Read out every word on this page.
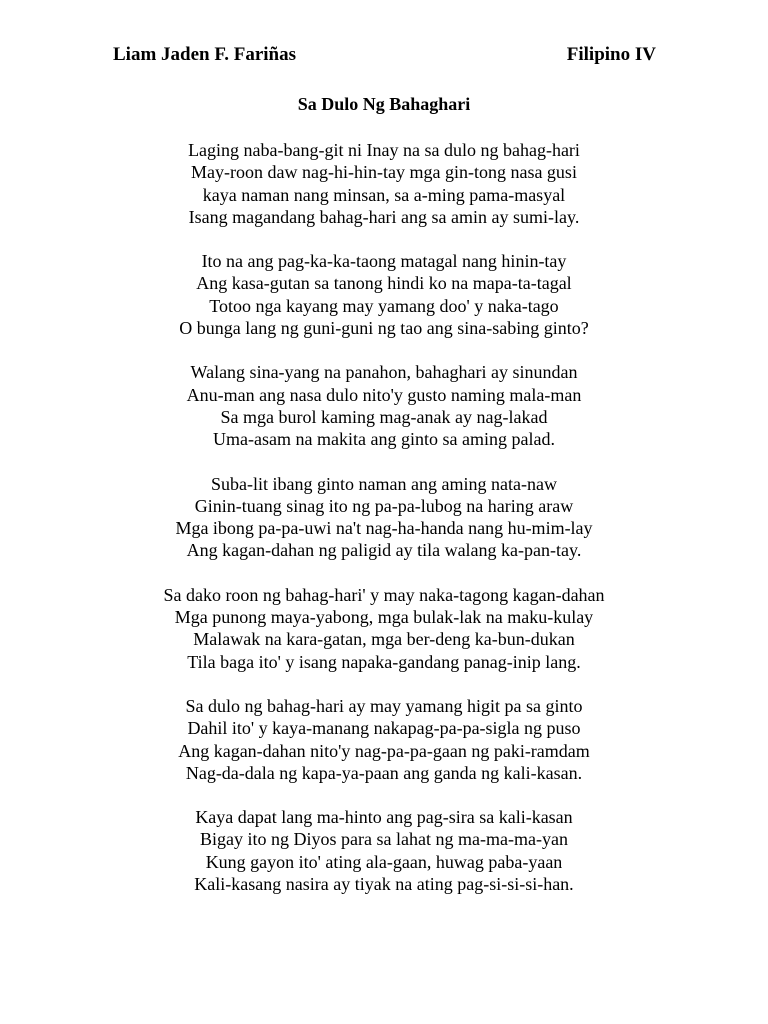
Liam Jaden F. Fariñas	Filipino IV
Sa Dulo Ng Bahaghari
Laging naba-bang-git ni Inay na sa dulo ng bahag-hari
May-roon daw nag-hi-hin-tay mga gin-tong nasa gusi
kaya naman nang minsan, sa a-ming pama-masyal
Isang magandang bahag-hari ang sa amin ay sumi-lay.
Ito na ang pag-ka-ka-taong matagal nang hinin-tay
Ang kasa-gutan sa tanong hindi ko na mapa-ta-tagal
Totoo nga kayang may yamang doo' y naka-tago
O bunga lang ng guni-guni ng tao ang sina-sabing ginto?
Walang sina-yang na panahon, bahaghari ay sinundan
Anu-man ang nasa dulo nito'y gusto naming mala-man
Sa mga burol kaming mag-anak ay nag-lakad
Uma-asam na makita ang ginto sa aming palad.
Suba-lit ibang ginto naman ang aming nata-naw
Ginin-tuang sinag ito ng pa-pa-lubog na haring araw
Mga ibong pa-pa-uwi na't nag-ha-handa nang hu-mim-lay
Ang kagan-dahan ng paligid ay tila walang ka-pan-tay.
Sa dako roon ng bahag-hari' y may naka-tagong kagan-dahan
Mga punong maya-yabong, mga bulak-lak na maku-kulay
Malawak na kara-gatan, mga ber-deng ka-bun-dukan
Tila baga ito' y isang napaka-gandang panag-inip lang.
Sa dulo ng bahag-hari ay may yamang higit pa sa ginto
Dahil ito' y kaya-manang nakapag-pa-pa-sigla ng puso
Ang kagan-dahan nito'y nag-pa-pa-gaan ng paki-ramdam
Nag-da-dala ng kapa-ya-paan ang ganda ng kali-kasan.
Kaya dapat lang ma-hinto ang pag-sira sa kali-kasan
Bigay ito ng Diyos para sa lahat ng ma-ma-ma-yan
Kung gayon ito' ating ala-gaan, huwag paba-yaan
Kali-kasang nasira ay tiyak na ating pag-si-si-si-han.
